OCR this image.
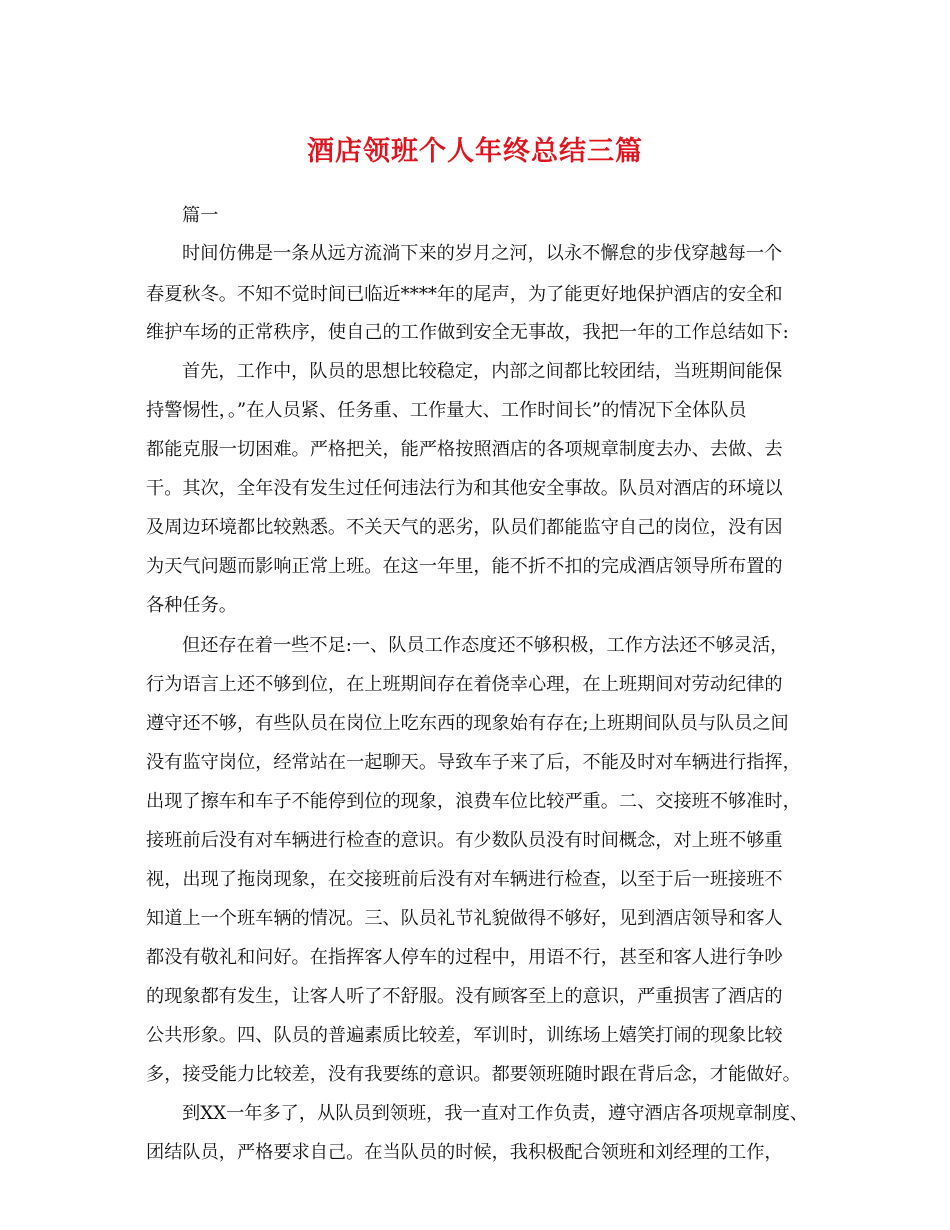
酒店领班个人年终总结三篇
篇一
时间仿佛是一条从远方流淌下来的岁月之河，以永不懈怠的步伐穿越每一个
春夏秋冬。不知不觉时间已临近****年的尾声，为了能更好地保护酒店的安全和
维护车场的正常秩序，使自己的工作做到安全无事故，我把一年的工作总结如下:
首先，工作中，队员的思想比较稳定，内部之间都比较团结，当班期间能保
持警惕性，。”在人员紧、任务重、工作量大、工作时间长”的情况下全体队员
都能克服一切困难。严格把关，能严格按照酒店的各项规章制度去办、去做、去
干。其次，全年没有发生过任何违法行为和其他安全事故。队员对酒店的环境以
及周边环境都比较熟悉。不关天气的恶劣，队员们都能监守自己的岗位，没有因
为天气问题而影响正常上班。在这一年里，能不折不扣的完成酒店领导所布置的
各种任务。
但还存在着一些不足:一、队员工作态度还不够积极，工作方法还不够灵活，
行为语言上还不够到位，在上班期间存在着侥幸心理，在上班期间对劳动纪律的
遵守还不够，有些队员在岗位上吃东西的现象始有存在;上班期间队员与队员之间
没有监守岗位，经常站在一起聊天。导致车子来了后，不能及时对车辆进行指挥，
出现了擦车和车子不能停到位的现象，浪费车位比较严重。二、交接班不够准时，
接班前后没有对车辆进行检查的意识。有少数队员没有时间概念，对上班不够重
视，出现了拖岗现象，在交接班前后没有对车辆进行检查，以至于后一班接班不
知道上一个班车辆的情况。三、队员礼节礼貌做得不够好，见到酒店领导和客人
都没有敬礼和问好。在指挥客人停车的过程中，用语不行，甚至和客人进行争吵
的现象都有发生，让客人听了不舒服。没有顾客至上的意识，严重损害了酒店的
公共形象。四、队员的普遍素质比较差，军训时，训练场上嬉笑打闹的现象比较
多，接受能力比较差，没有我要练的意识。都要领班随时跟在背后念，才能做好。
到XX一年多了，从队员到领班，我一直对工作负责，遵守酒店各项规章制度、
团结队员，严格要求自己。在当队员的时候，我积极配合领班和刘经理的工作，
